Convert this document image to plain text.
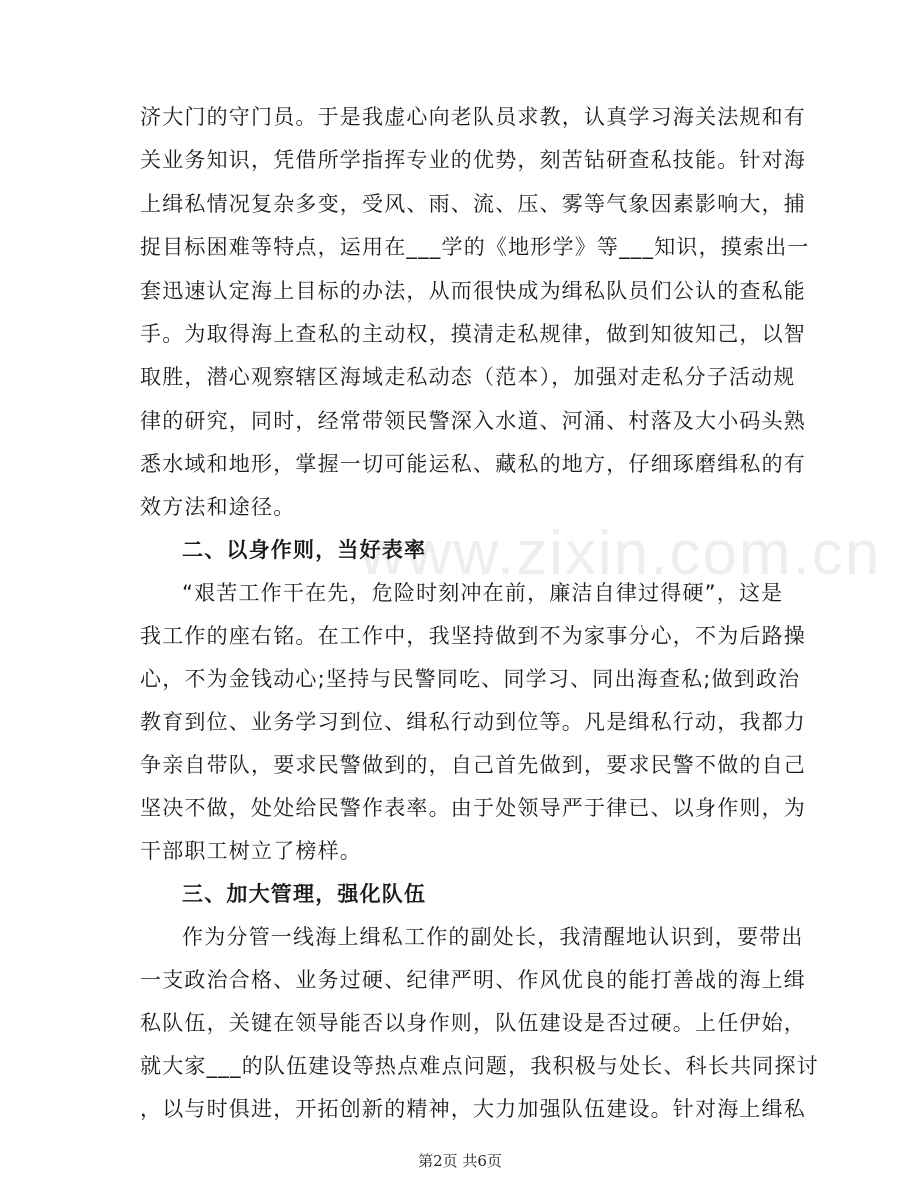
www.zixin.com.cn
济大门的守门员。于是我虚心向老队员求教，认真学习海关法规和有
关业务知识，凭借所学指挥专业的优势，刻苦钻研查私技能。针对海
上缉私情况复杂多变，受风、雨、流、压、雾等气象因素影响大，捕
捉目标困难等特点，运用在___学的《地形学》等___知识，摸索出一
套迅速认定海上目标的办法，从而很快成为缉私队员们公认的查私能
手。为取得海上查私的主动权，摸清走私规律，做到知彼知己，以智
取胜，潜心观察辖区海域走私动态（范本），加强对走私分子活动规
律的研究，同时，经常带领民警深入水道、河涌、村落及大小码头熟
悉水域和地形，掌握一切可能运私、藏私的地方，仔细琢磨缉私的有
效方法和途径。
二、以身作则，当好表率
“艰苦工作干在先，危险时刻冲在前，廉洁自律过得硬”，这是
我工作的座右铭。在工作中，我坚持做到不为家事分心，不为后路操
心，不为金钱动心;坚持与民警同吃、同学习、同出海查私;做到政治
教育到位、业务学习到位、缉私行动到位等。凡是缉私行动，我都力
争亲自带队，要求民警做到的，自己首先做到，要求民警不做的自己
坚决不做，处处给民警作表率。由于处领导严于律已、以身作则，为
干部职工树立了榜样。
三、加大管理，强化队伍
作为分管一线海上缉私工作的副处长，我清醒地认识到，要带出
一支政治合格、业务过硬、纪律严明、作风优良的能打善战的海上缉
私队伍，关键在领导能否以身作则，队伍建设是否过硬。上任伊始，
就大家___的队伍建设等热点难点问题，我积极与处长、科长共同探讨
，以与时俱进，开拓创新的精神，大力加强队伍建设。针对海上缉私
第2页 共6页
